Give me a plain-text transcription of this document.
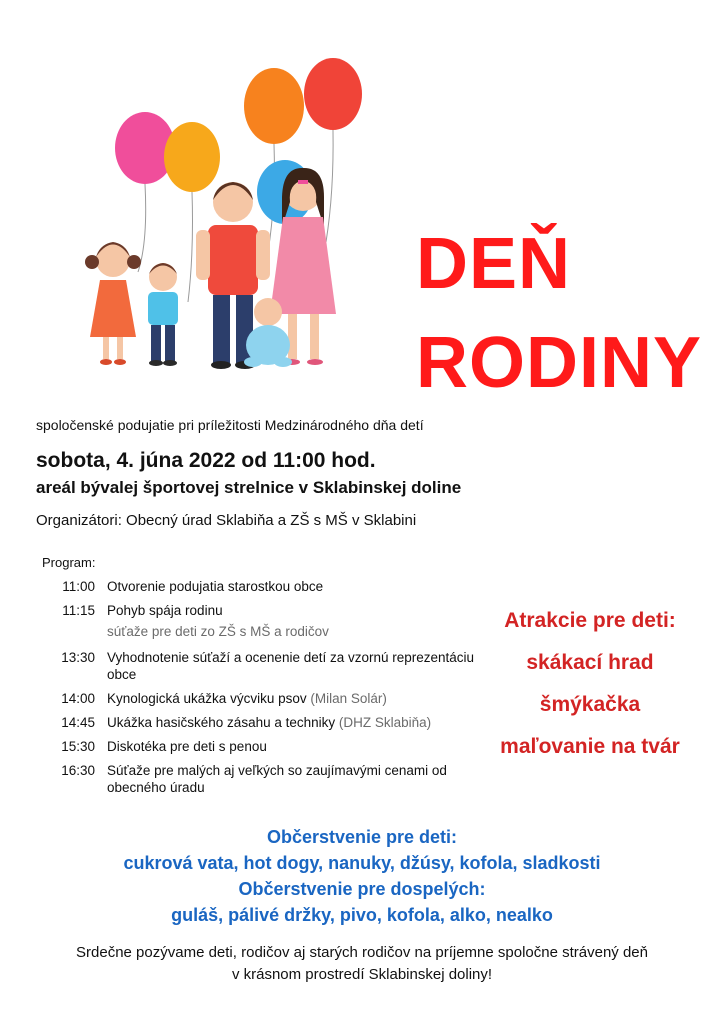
DEŇ
RODINY
spoločenské podujatie pri príležitosti Medzinárodného dňa detí
sobota, 4. júna 2022 od 11:00 hod.
areál bývalej športovej strelnice v Sklabinskej doline
Organizátori: Obecný úrad Sklabiňa a ZŠ s MŠ v Sklabini
Program:
11:00 Otvorenie podujatia starostkou obce
11:15 Pohyb spája rodinu
súťaže pre deti zo ZŠ s MŠ a rodičov
13:30 Vyhodnotenie súťaží a ocenenie detí za vzornú reprezentáciu obce
14:00 Kynologická ukážka výcviku psov (Milan Solár)
14:45 Ukážka hasičského zásahu a techniky (DHZ Sklabiňa)
15:30 Diskotéka pre deti s penou
16:30 Súťaže pre malých aj veľkých so zaujímavými cenami od obecného úradu
Atrakcie pre deti:
skákací hrad
šmýkačka
maľovanie na tvár
Občerstvenie pre deti:
cukrová vata, hot dogy, nanuky, džúsy, kofola, sladkosti
Občerstvenie pre dospelých:
guláš, pálivé držky, pivo, kofola, alko, nealko
Srdečne pozývame deti, rodičov aj starých rodičov na príjemne spoločne strávený deň
v krásnom prostredí Sklabinskej doliny!
